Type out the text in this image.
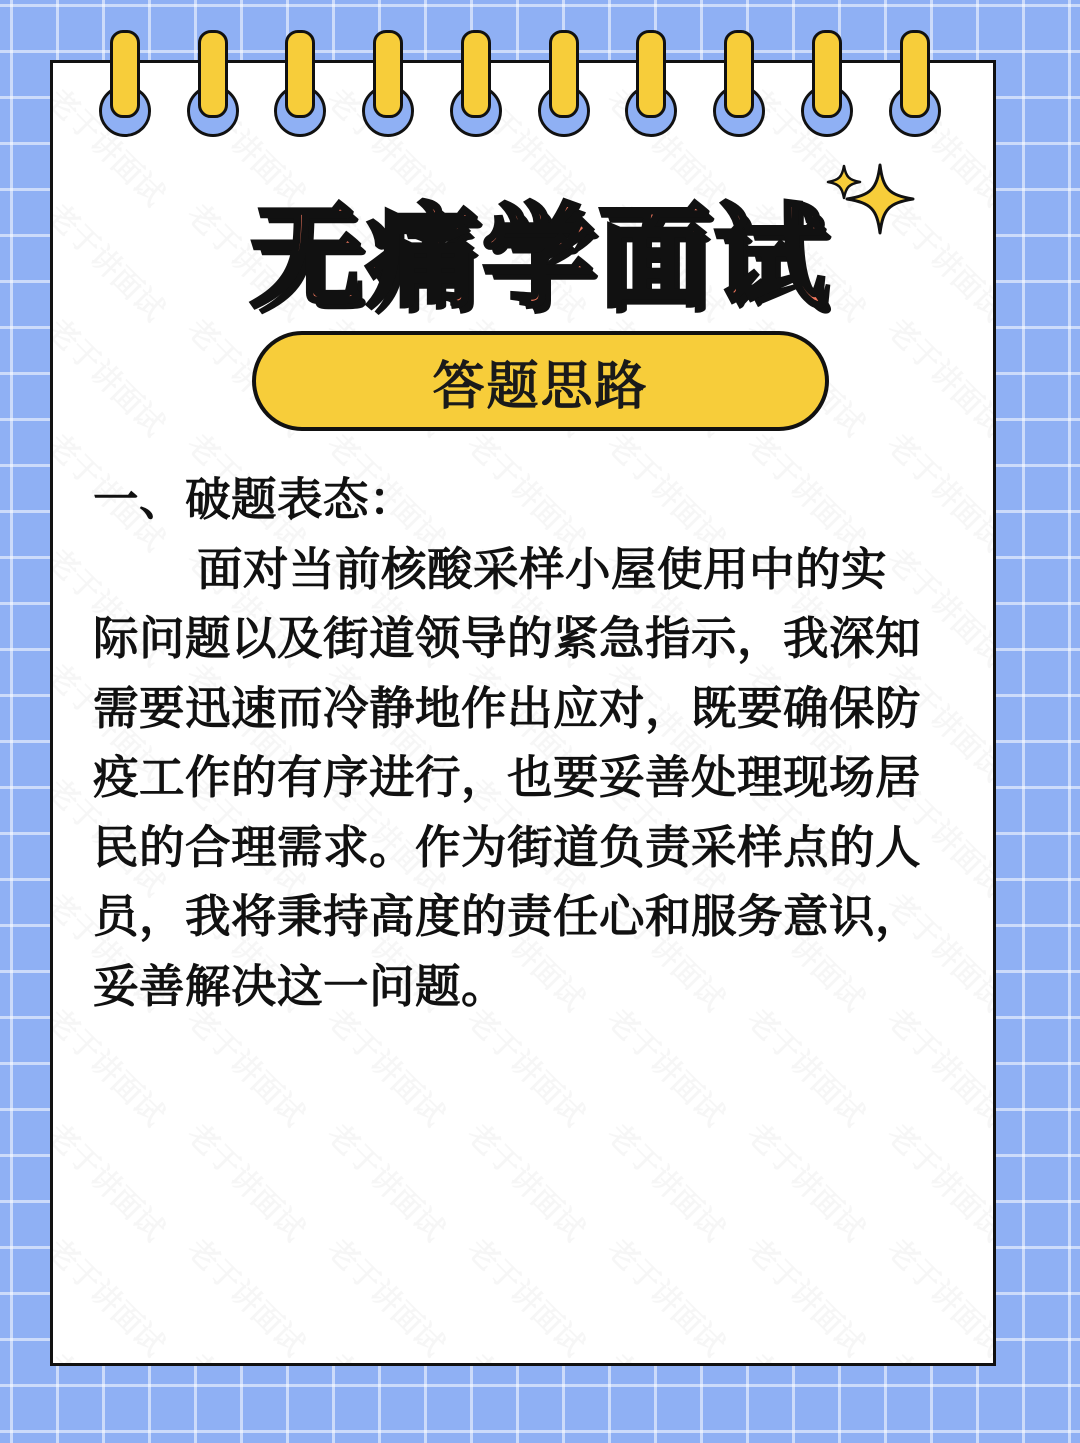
无痛学面试
答题思路
一、破题表态：
面对当前核酸采样小屋使用中的实际问题以及街道领导的紧急指示，我深知需要迅速而冷静地作出应对，既要确保防疫工作的有序进行，也要妥善处理现场居民的合理需求。作为街道负责采样点的人员，我将秉持高度的责任心和服务意识，妥善解决这一问题。
